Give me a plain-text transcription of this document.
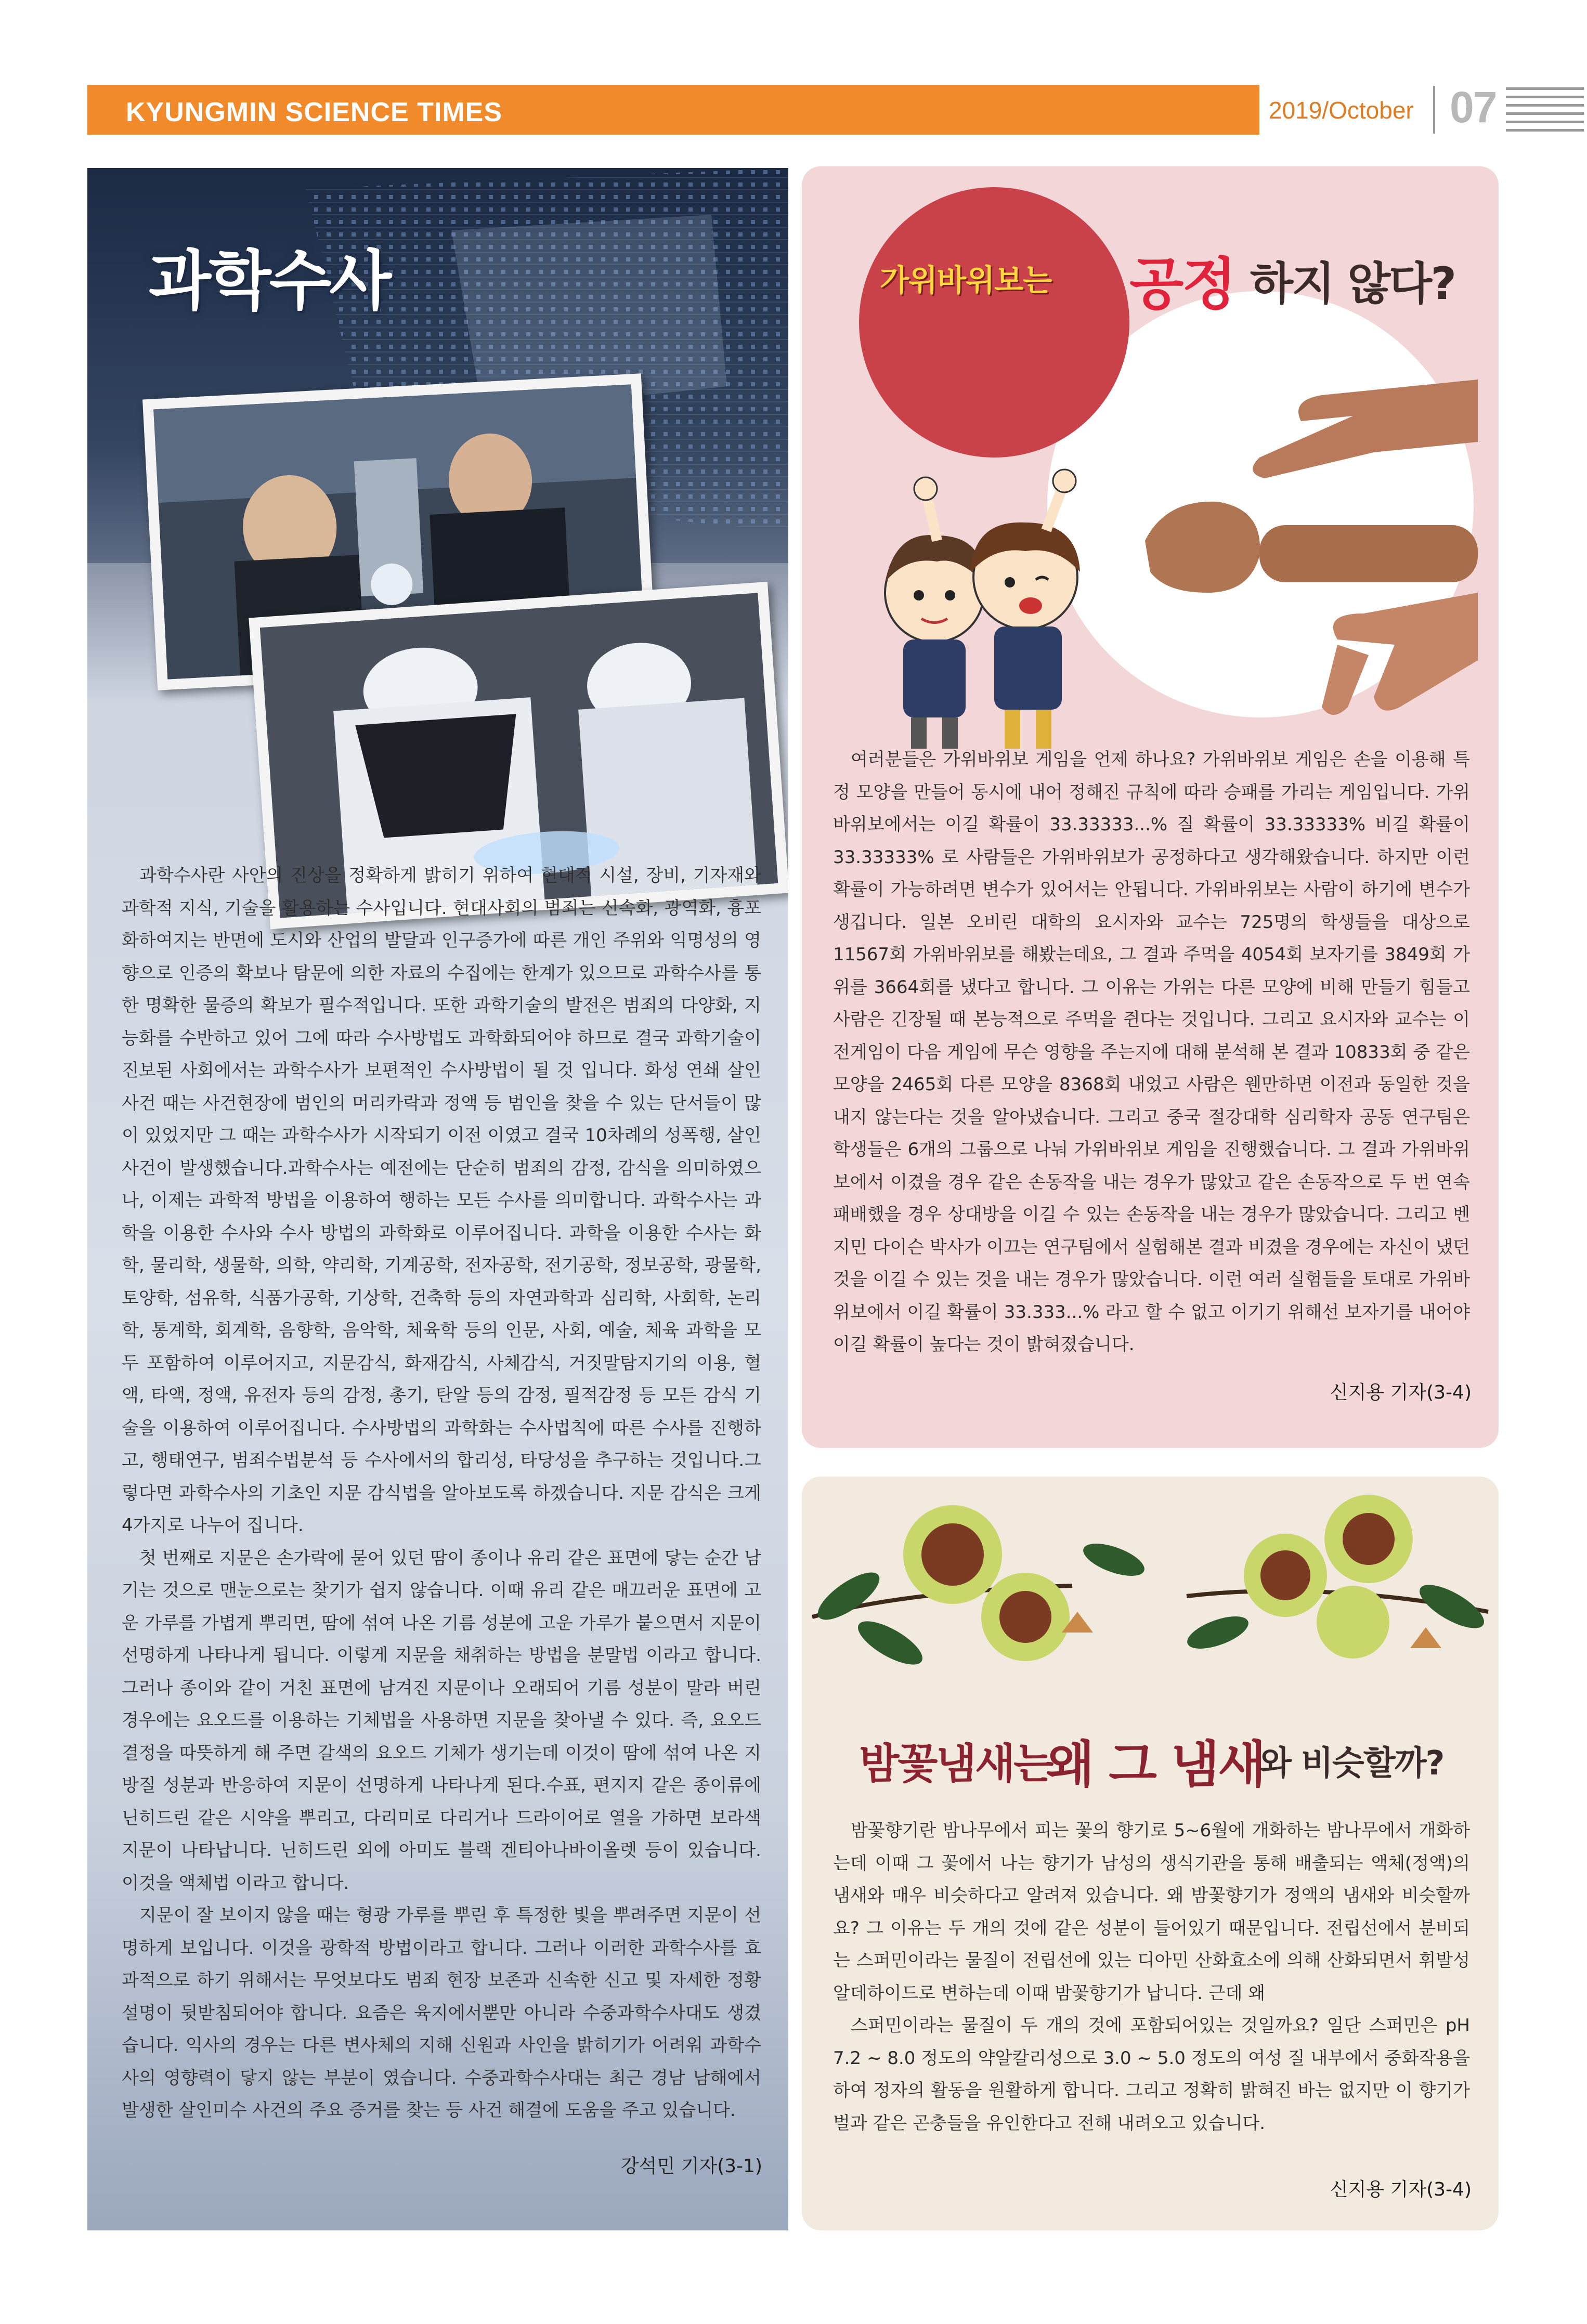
KYUNGMIN SCIENCE TIMES	2019/October 07
과학수사

과학수사란 사안의 진상을 정확하게 밝히기 위하여 현대적 시설, 장비, 기자재와 과학적 지식, 기술을 활용하는 수사입니다. 현대사회의 범죄는 신속화, 광역화, 흉포화하여지는 반면에 도시와 산업의 발달과 인구증가에 따른 개인 주위와 익명성의 영향으로 인증의 확보나 탐문에 의한 자료의 수집에는 한계가 있으므로 과학수사를 통한 명확한 물증의 확보가 필수적입니다. 또한 과학기술의 발전은 범죄의 다양화, 지능화를 수반하고 있어 그에 따라 수사방법도 과학화되어야 하므로 결국 과학기술이 진보된 사회에서는 과학수사가 보편적인 수사방법이 될 것 입니다. 화성 연쇄 살인 사건 때는 사건현장에 범인의 머리카락과 정액 등 범인을 찾을 수 있는 단서들이 많이 있었지만 그 때는 과학수사가 시작되기 이전 이였고 결국 10차례의 성폭행, 살인 사건이 발생했습니다.과학수사는 예전에는 단순히 범죄의 감정, 감식을 의미하였으나, 이제는 과학적 방법을 이용하여 행하는 모든 수사를 의미합니다. 과학수사는 과학을 이용한 수사와 수사 방법의 과학화로 이루어집니다. 과학을 이용한 수사는 화학, 물리학, 생물학, 의학, 약리학, 기계공학, 전자공학, 전기공학, 정보공학, 광물학, 토양학, 섬유학, 식품가공학, 기상학, 건축학 등의 자연과학과 심리학, 사회학, 논리학, 통계학, 회계학, 음향학, 음악학, 체육학 등의 인문, 사회, 예술, 체육 과학을 모두 포함하여 이루어지고, 지문감식, 화재감식, 사체감식, 거짓말탐지기의 이용, 혈액, 타액, 정액, 유전자 등의 감정, 총기, 탄알 등의 감정, 필적감정 등 모든 감식 기술을 이용하여 이루어집니다. 수사방법의 과학화는 수사법칙에 따른 수사를 진행하고, 행태연구, 범죄수법분석 등 수사에서의 합리성, 타당성을 추구하는 것입니다.그렇다면 과학수사의 기초인 지문 감식법을 알아보도록 하겠습니다. 지문 감식은 크게 4가지로 나누어 집니다.

첫 번째로 지문은 손가락에 묻어 있던 땀이 종이나 유리 같은 표면에 닿는 순간 남기는 것으로 맨눈으로는 찾기가 쉽지 않습니다. 이때 유리 같은 매끄러운 표면에 고운 가루를 가볍게 뿌리면, 땀에 섞여 나온 기름 성분에 고운 가루가 붙으면서 지문이 선명하게 나타나게 됩니다. 이렇게 지문을 채취하는 방법을 분말법 이라고 합니다.그러나 종이와 같이 거친 표면에 남겨진 지문이나 오래되어 기름 성분이 말라 버린 경우에는 요오드를 이용하는 기체법을 사용하면 지문을 찾아낼 수 있다. 즉, 요오드 결정을 따뜻하게 해 주면 갈색의 요오드 기체가 생기는데 이것이 땀에 섞여 나온 지방질 성분과 반응하여 지문이 선명하게 나타나게 된다.수표, 편지지 같은 종이류에 닌히드린 같은 시약을 뿌리고, 다리미로 다리거나 드라이어로 열을 가하면 보라색 지문이 나타납니다. 닌히드린 외에 아미도 블랙 겐티아나바이올렛 등이 있습니다. 이것을 액체법 이라고 합니다.

지문이 잘 보이지 않을 때는 형광 가루를 뿌린 후 특정한 빛을 뿌려주면 지문이 선명하게 보입니다. 이것을 광학적 방법이라고 합니다. 그러나 이러한 과학수사를 효과적으로 하기 위해서는 무엇보다도 범죄 현장 보존과 신속한 신고 및 자세한 정황 설명이 뒷받침되어야 합니다. 요즘은 육지에서뿐만 아니라 수중과학수사대도 생겼습니다. 익사의 경우는 다른 변사체의 지해 신원과 사인을 밝히기가 어려워 과학수사의 영향력이 닿지 않는 부분이 였습니다. 수중과학수사대는 최근 경남 남해에서 발생한 살인미수 사건의 주요 증거를 찾는 등 사건 해결에 도움을 주고 있습니다.

강석민 기자(3-1)
가위바위보는 공정 하지 않다?

여러분들은 가위바위보 게임을 언제 하나요? 가위바위보 게임은 손을 이용해 특정 모양을 만들어 동시에 내어 정해진 규칙에 따라 승패를 가리는 게임입니다. 가위바위보에서는 이길 확률이 33.33333...% 질 확률이 33.33333% 비길 확률이 33.33333% 로 사람들은 가위바위보가 공정하다고 생각해왔습니다. 하지만 이런 확률이 가능하려면 변수가 있어서는 안됩니다. 가위바위보는 사람이 하기에 변수가 생깁니다. 일본 오비린 대학의 요시자와 교수는 725명의 학생들을 대상으로 11567회 가위바위보를 해봤는데요, 그 결과 주먹을 4054회 보자기를 3849회 가위를 3664회를 냈다고 합니다. 그 이유는 가위는 다른 모양에 비해 만들기 힘들고 사람은 긴장될 때 본능적으로 주먹을 쥔다는 것입니다. 그리고 요시자와 교수는 이전게임이 다음 게임에 무슨 영향을 주는지에 대해 분석해 본 결과 10833회 중 같은 모양을 2465회 다른 모양을 8368회 내었고 사람은 웬만하면 이전과 동일한 것을 내지 않는다는 것을 알아냈습니다. 그리고 중국 절강대학 심리학자 공동 연구팀은 학생들은 6개의 그룹으로 나눠 가위바위보 게임을 진행했습니다. 그 결과 가위바위보에서 이겼을 경우 같은 손동작을 내는 경우가 많았고 같은 손동작으로 두 번 연속 패배했을 경우 상대방을 이길 수 있는 손동작을 내는 경우가 많았습니다. 그리고 벤지민 다이슨 박사가 이끄는 연구팀에서 실험해본 결과 비겼을 경우에는 자신이 냈던 것을 이길 수 있는 것을 내는 경우가 많았습니다. 이런 여러 실험들을 토대로 가위바위보에서 이길 확률이 33.333...% 라고 할 수 없고 이기기 위해선 보자기를 내어야 이길 확률이 높다는 것이 밝혀졌습니다.

신지용 기자(3-4)
밤꽃냄새는
왜 그 냄새
와 비슷할까?

밤꽃향기란 밤나무에서 피는 꽃의 향기로 5~6월에 개화하는 밤나무에서 개화하는데 이때 그 꽃에서 나는 향기가 남성의 생식기관을 통해 배출되는 액체(정액)의 냄새와 매우 비슷하다고 알려져 있습니다. 왜 밤꽃향기가 정액의 냄새와 비슷할까요? 그 이유는 두 개의 것에 같은 성분이 들어있기 때문입니다. 전립선에서 분비되는 스퍼민이라는 물질이 전립선에 있는 디아민 산화효소에 의해 산화되면서 휘발성 알데하이드로 변하는데 이때 밤꽃향기가 납니다. 근데 왜

스퍼민이라는 물질이 두 개의 것에 포함되어있는 것일까요? 일단 스퍼민은 pH 7.2 ~ 8.0 정도의 약알칼리성으로 3.0 ~ 5.0 정도의 여성 질 내부에서 중화작용을 하여 정자의 활동을 원활하게 합니다. 그리고 정확히 밝혀진 바는 없지만 이 향기가 벌과 같은 곤충들을 유인한다고 전해 내려오고 있습니다.

신지용 기자(3-4)
